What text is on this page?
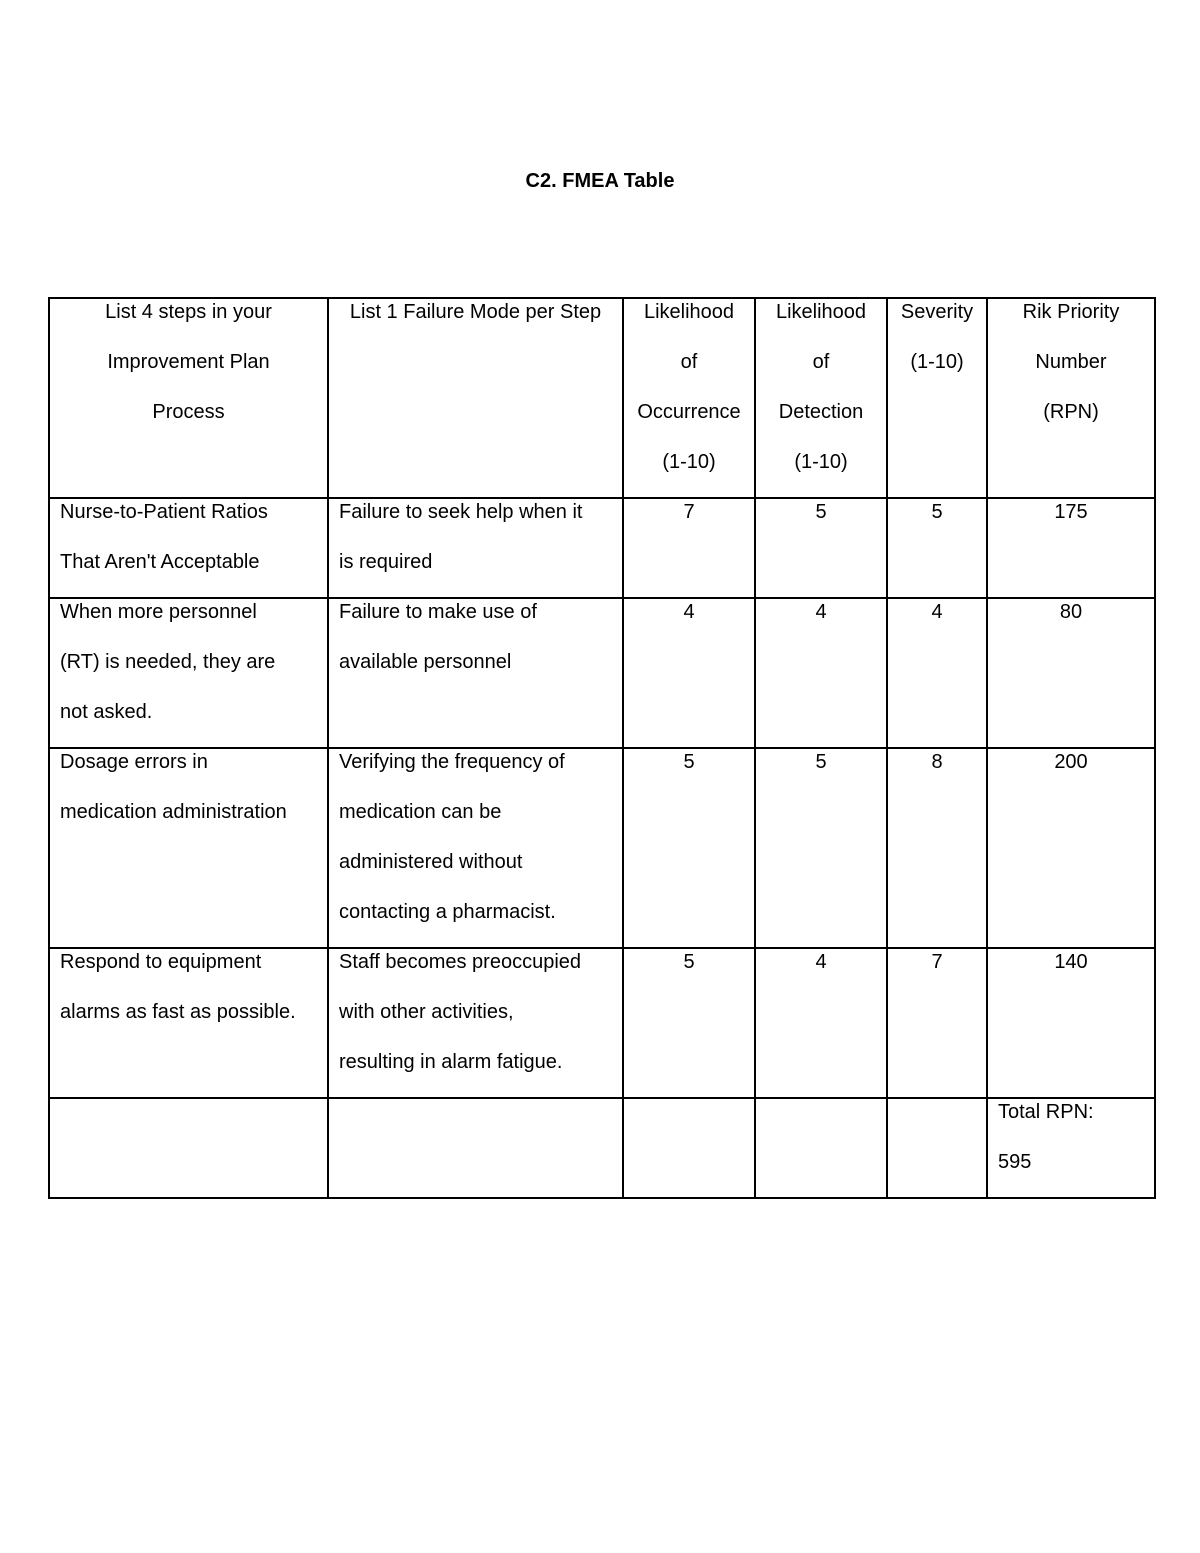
C2. FMEA Table
List 4 steps in your
Improvement Plan
Process	List 1 Failure Mode per Step	Likelihood
of
Occurrence
(1-10)	Likelihood
of
Detection
(1-10)	Severity
(1-10)	Rik Priority
Number
(RPN)

Nurse-to-Patient Ratios
That Aren't Acceptable	Failure to seek help when it
is required	7	5	5	175

When more personnel
(RT) is needed, they are
not asked.	Failure to make use of
available personnel	4	4	4	80

Dosage errors in
medication administration	Verifying the frequency of
medication can be
administered without
contacting a pharmacist.	5	5	8	200

Respond to equipment
alarms as fast as possible.	Staff becomes preoccupied
with other activities,
resulting in alarm fatigue.	5	4	7	140

					Total RPN:
595
